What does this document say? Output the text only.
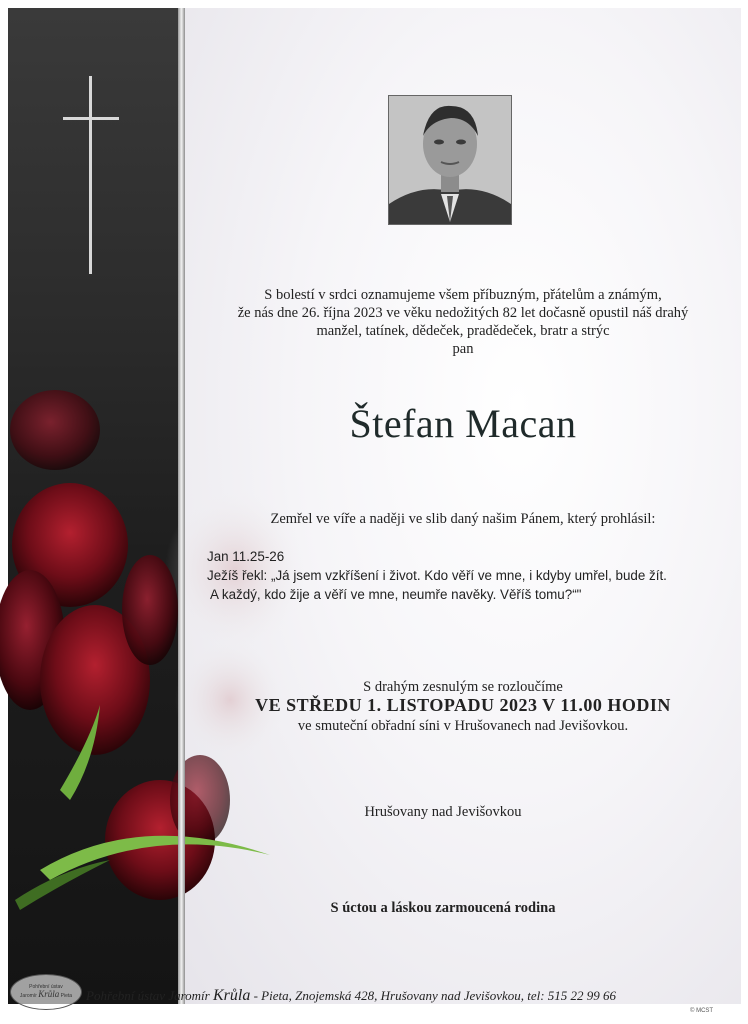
S bolestí v srdci oznamujeme všem příbuzným, přátelům a známým,
že nás dne 26. října 2023 ve věku nedožitých 82 let dočasně opustil náš drahý
manžel, tatínek, dědeček, pradědeček, bratr a strýc
pan
Štefan Macan
Zemřel ve víře a naději ve slib daný našim Pánem, který prohlásil:
Jan 11.25-26
Ježíš řekl: „Já jsem vzkříšení i život. Kdo věří ve mne, i kdyby umřel, bude žít.
A každý, kdo žije a věří ve mne, neumře navěky. Věříš tomu?“"
S drahým zesnulým se rozloučíme
VE STŘEDU 1. LISTOPADU 2023 V 11.00 HODIN
ve smuteční obřadní síni v Hrušovanech nad Jevišovkou.
Hrušovany nad Jevišovkou
S úctou a láskou zarmoucená rodina
Pohřební ústav
Jaromír Krůla Pieta Pohřební ústav Jaromír Krůla - Pieta, Znojemská 428, Hrušovany nad Jevišovkou, tel: 515 22 99 66
© MCST
